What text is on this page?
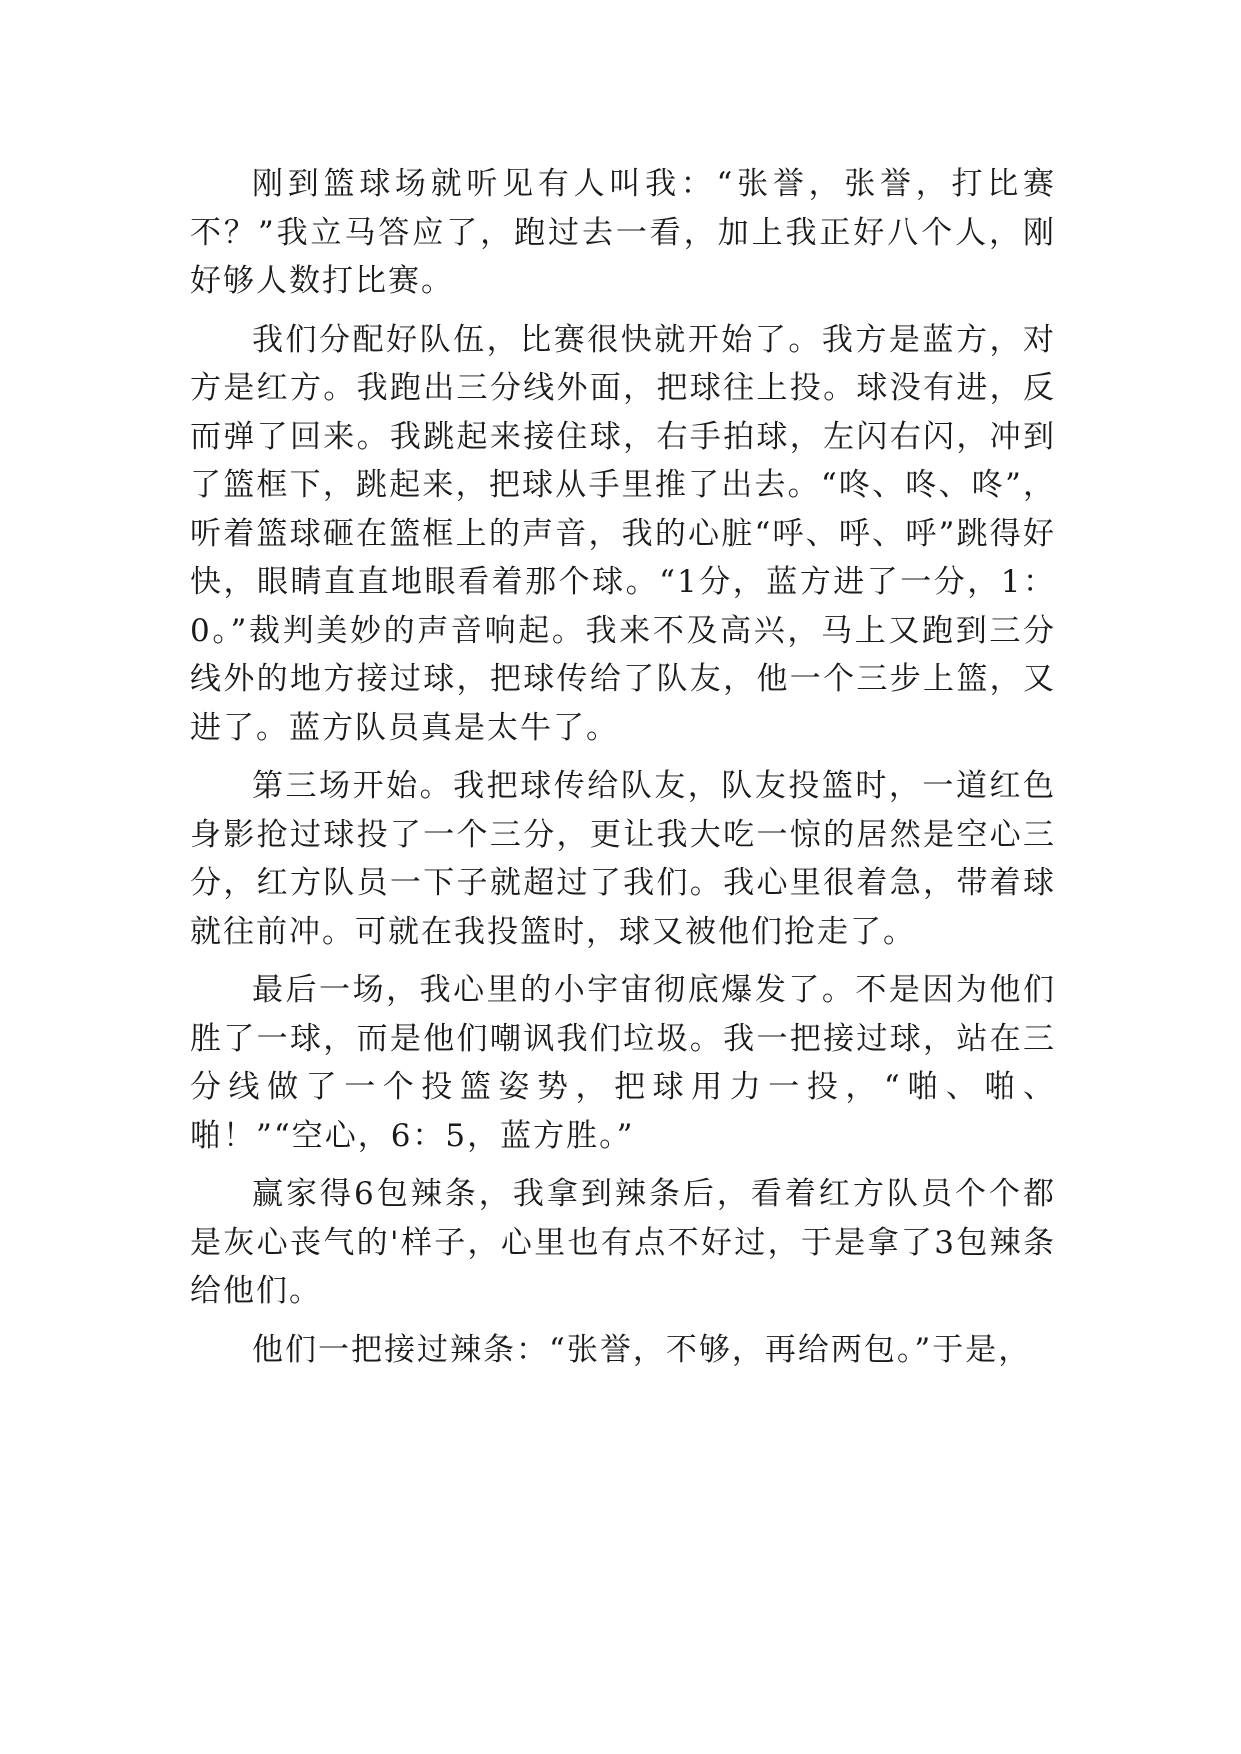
刚到篮球场就听见有人叫我：“张誉，张誉，打比赛不？”我立马答应了，跑过去一看，加上我正好八个人，刚好够人数打比赛。

我们分配好队伍，比赛很快就开始了。我方是蓝方，对方是红方。我跑出三分线外面，把球往上投。球没有进，反而弹了回来。我跳起来接住球，右手拍球，左闪右闪，冲到了篮框下，跳起来，把球从手里推了出去。“咚、咚、咚”，听着篮球砸在篮框上的声音，我的心脏“呼、呼、呼”跳得好快，眼睛直直地眼看着那个球。“1分，蓝方进了一分，1：0。”裁判美妙的声音响起。我来不及高兴，马上又跑到三分线外的地方接过球，把球传给了队友，他一个三步上篮，又进了。蓝方队员真是太牛了。

第三场开始。我把球传给队友，队友投篮时，一道红色身影抢过球投了一个三分，更让我大吃一惊的居然是空心三分，红方队员一下子就超过了我们。我心里很着急，带着球就往前冲。可就在我投篮时，球又被他们抢走了。

最后一场，我心里的小宇宙彻底爆发了。不是因为他们胜了一球，而是他们嘲讽我们垃圾。我一把接过球，站在三分线做了一个投篮姿势，把球用力一投，“啪、啪、啪！”“空心，6：5，蓝方胜。”

赢家得6包辣条，我拿到辣条后，看着红方队员个个都是灰心丧气的'样子，心里也有点不好过，于是拿了3包辣条给他们。

他们一把接过辣条：“张誉，不够，再给两包。”于是，
